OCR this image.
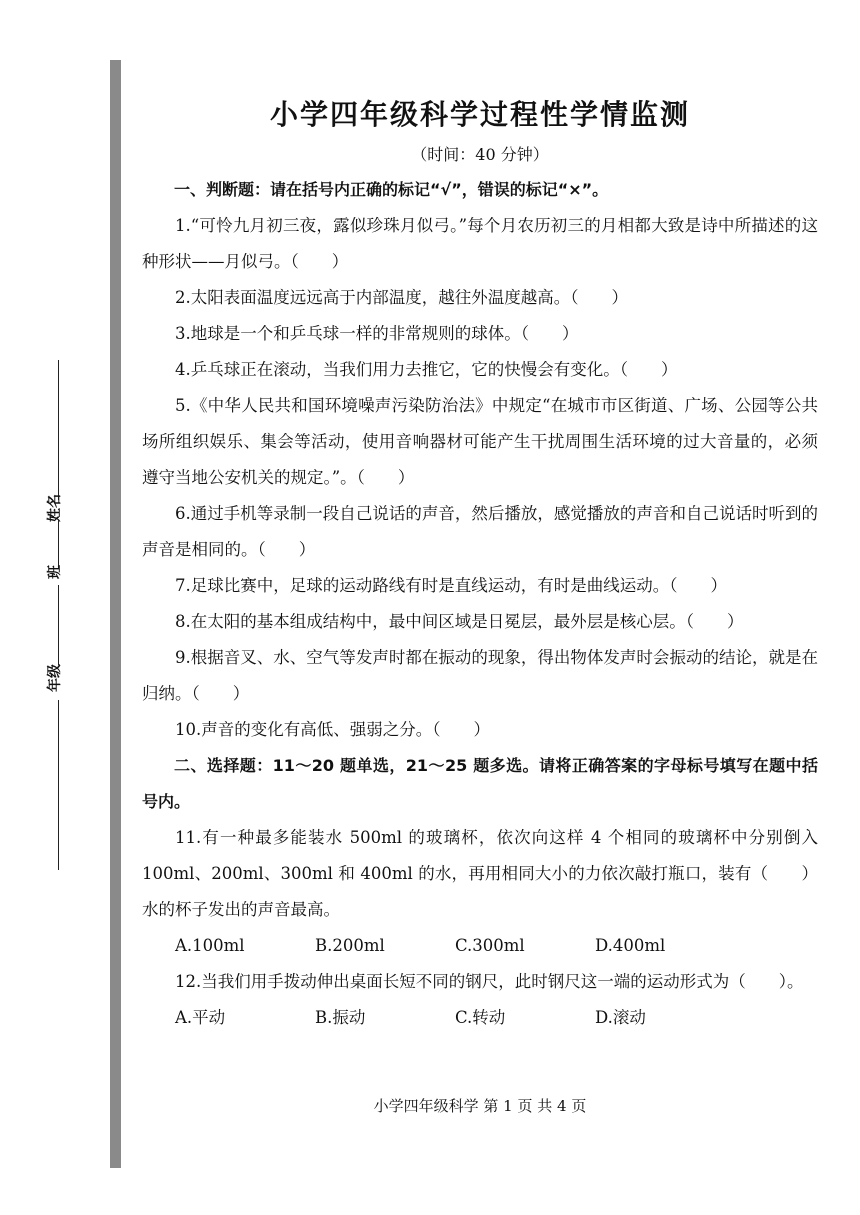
姓名
班
年级
小学四年级科学过程性学情监测
（时间：40 分钟）

一、判断题：请在括号内正确的标记“√”，错误的标记“×”。

1.“可怜九月初三夜，露似珍珠月似弓。”每个月农历初三的月相都大致是诗中所描述的这种形状——月似弓。（　　）

2.太阳表面温度远远高于内部温度，越往外温度越高。（　　）

3.地球是一个和乒乓球一样的非常规则的球体。（　　）

4.乒乓球正在滚动，当我们用力去推它，它的快慢会有变化。（　　）

5.《中华人民共和国环境噪声污染防治法》中规定“在城市市区街道、广场、公园等公共场所组织娱乐、集会等活动，使用音响器材可能产生干扰周围生活环境的过大音量的，必须遵守当地公安机关的规定。”。（　　）

6.通过手机等录制一段自己说话的声音，然后播放，感觉播放的声音和自己说话时听到的声音是相同的。（　　）

7.足球比赛中，足球的运动路线有时是直线运动，有时是曲线运动。（　　）

8.在太阳的基本组成结构中，最中间区域是日冕层，最外层是核心层。（　　）

9.根据音叉、水、空气等发声时都在振动的现象，得出物体发声时会振动的结论，就是在归纳。（　　）

10.声音的变化有高低、强弱之分。（　　）

二、选择题：11～20 题单选，21～25 题多选。请将正确答案的字母标号填写在题中括号内。

11.有一种最多能装水 500ml 的玻璃杯，依次向这样 4 个相同的玻璃杯中分别倒入 100ml、200ml、300ml 和 400ml 的水，再用相同大小的力依次敲打瓶口，装有（　　）水的杯子发出的声音最高。

A.100ml	B.200ml	C.300ml	D.400ml

12.当我们用手拨动伸出桌面长短不同的钢尺，此时钢尺这一端的运动形式为（　　）。

A.平动	B.振动	C.转动	D.滚动
小学四年级科学 第 1 页 共 4 页
